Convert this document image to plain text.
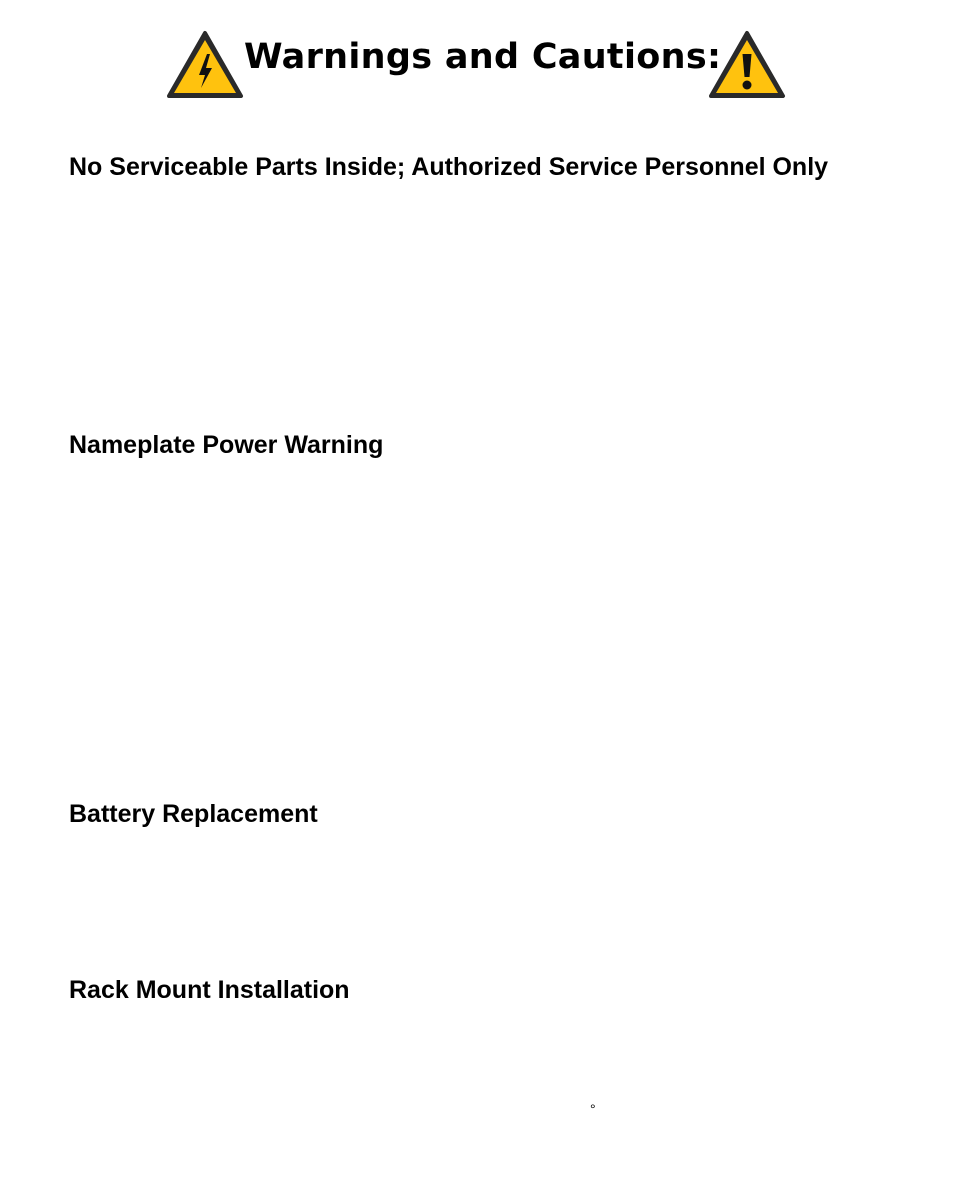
Warnings and Cautions:
No Serviceable Parts Inside; Authorized Service Personnel Only
Nameplate Power Warning
Battery Replacement
Rack Mount Installation
°
